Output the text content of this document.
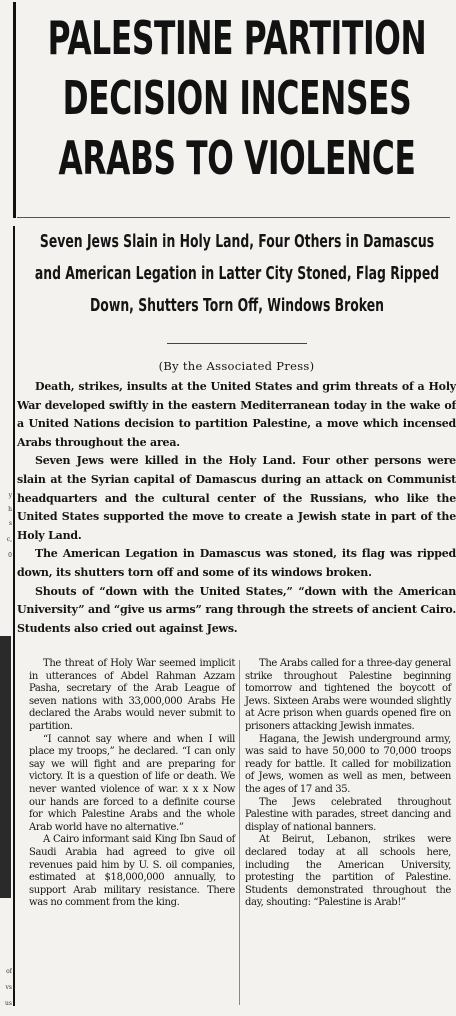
y
h
s
c,
0
of
vs
us
PALESTINE PARTITION
DECISION INCENSES
ARABS TO VIOLENCE
Seven Jews Slain in Holy Land, Four Others in Damascus
and American Legation in Latter City Stoned, Flag Ripped
Down, Shutters Torn Off, Windows Broken
(By the Associated Press)

Death, strikes, insults at the United States and grim threats of a Holy War developed swiftly in the eastern Mediterranean today in the wake of a United Nations decision to partition Palestine, a move which incensed Arabs throughout the area.

Seven Jews were killed in the Holy Land. Four other persons were slain at the Syrian capital of Damascus during an attack on Communist headquarters and the cultural center of the Russians, who like the United States supported the move to create a Jewish state in part of the Holy Land.

The American Legation in Damascus was stoned, its flag was ripped down, its shutters torn off and some of its windows broken.

Shouts of “down with the United States,” “down with the American University” and “give us arms” rang through the streets of ancient Cairo. Students also cried out against Jews.

The threat of Holy War seemed implicit in utterances of Abdel Rahman Azzam Pasha, secretary of the Arab League of seven nations with 33,000,000 Arabs He declared the Arabs would never submit to partition.

“I cannot say where and when I will place my troops,” he declared. “I can only say we will fight and are preparing for victory. It is a question of life or death. We never wanted violence of war. x x x Now our hands are forced to a definite course for which Palestine Arabs and the whole Arab world have no alternative.”

A Cairo informant said King Ibn Saud of Saudi Arabia had agreed to give oil revenues paid him by U. S. oil companies, estimated at $18,000,000 annually, to support Arab military resistance. There was no comment from the king.

The Arabs called for a three-day general strike throughout Palestine beginning tomorrow and tightened the boycott of Jews. Sixteen Arabs were wounded slightly at Acre prison when guards opened fire on prisoners attacking Jewish inmates.

Hagana, the Jewish underground army, was said to have 50,000 to 70,000 troops ready for battle. It called for mobilization of Jews, women as well as men, between the ages of 17 and 35.

The Jews celebrated throughout Palestine with parades, street dancing and display of national banners.

At Beirut, Lebanon, strikes were declared today at all schools here, including the American University, protesting the partition of Palestine. Students demonstrated throughout the day, shouting: “Palestine is Arab!”
